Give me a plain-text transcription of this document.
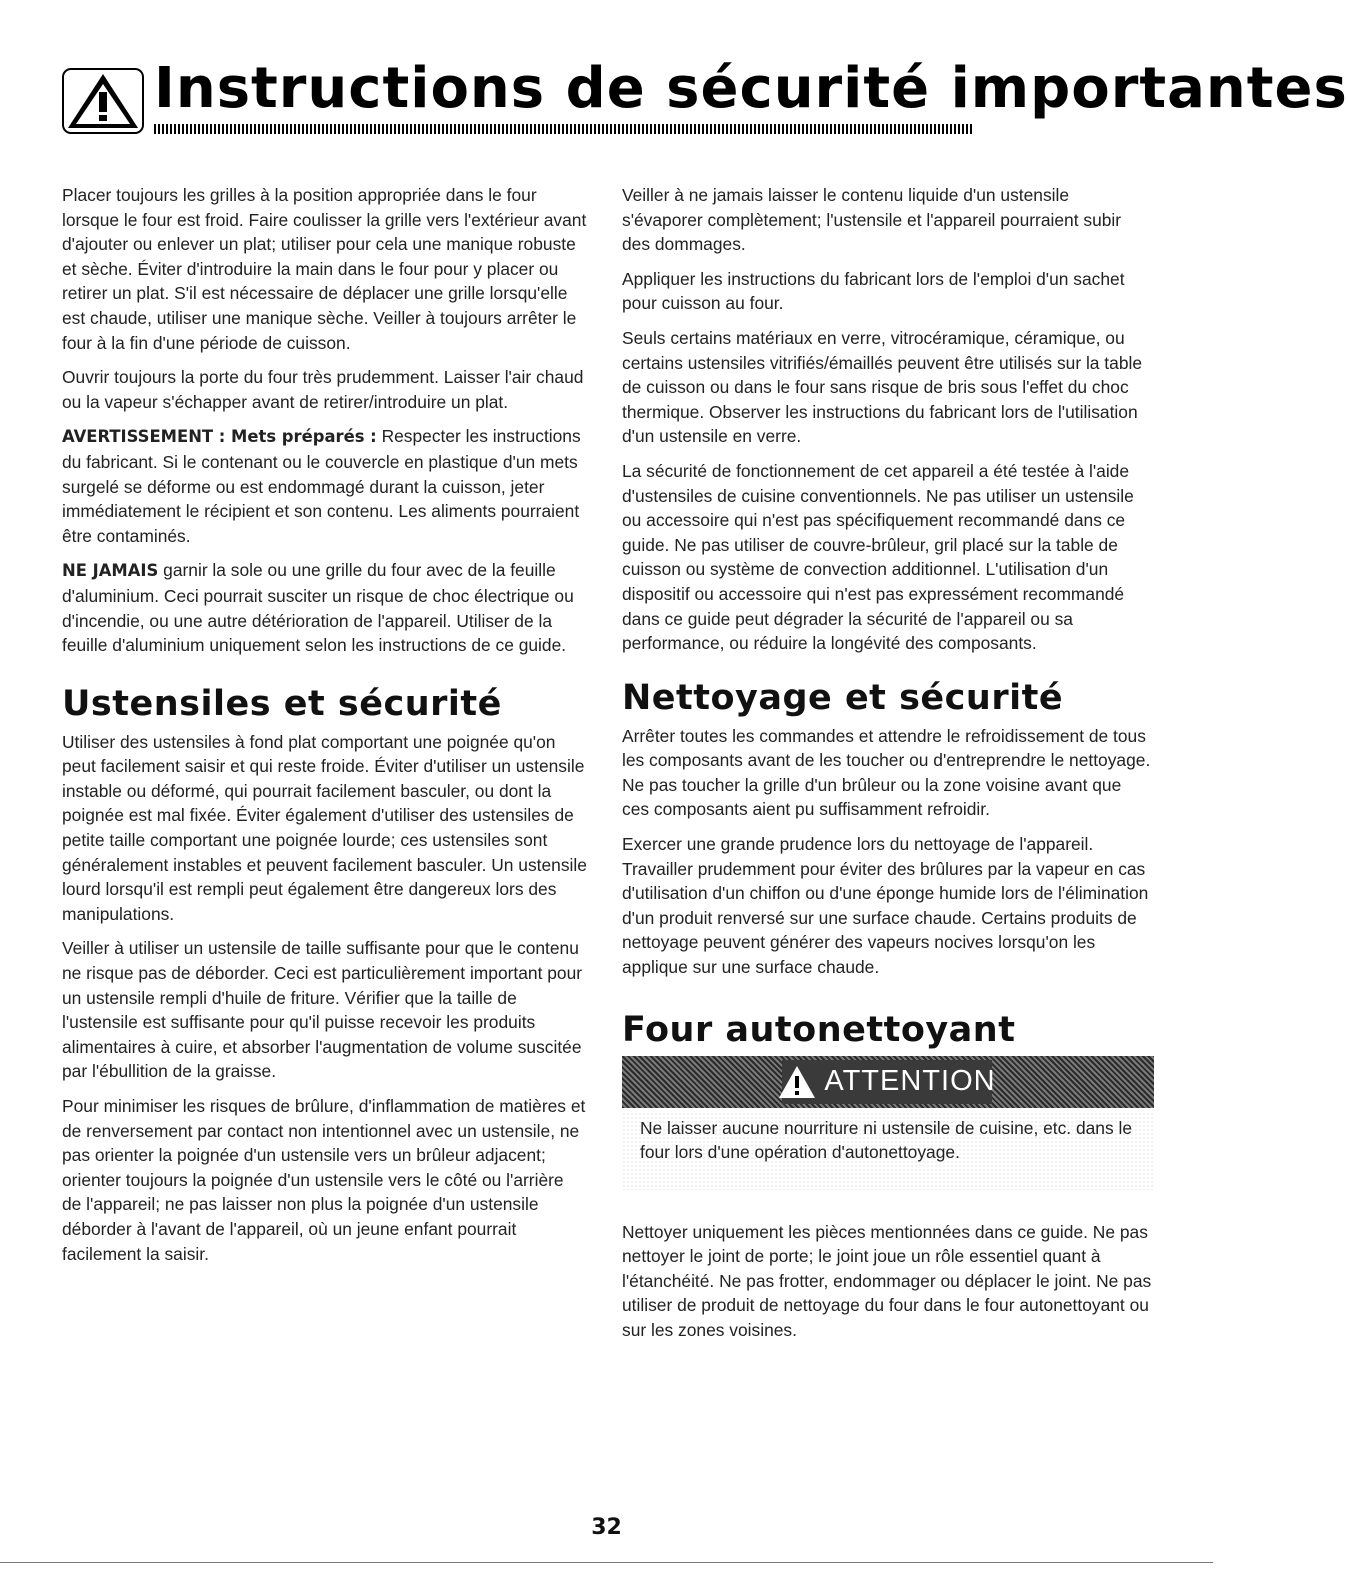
Instructions de sécurité importantes

Placer toujours les grilles à la position appropriée dans le four lorsque le four est froid. Faire coulisser la grille vers l'extérieur avant d'ajouter ou enlever un plat; utiliser pour cela une manique robuste et sèche. Éviter d'introduire la main dans le four pour y placer ou retirer un plat. S'il est nécessaire de déplacer une grille lorsqu'elle est chaude, utiliser une manique sèche. Veiller à toujours arrêter le four à la fin d'une période de cuisson.

Ouvrir toujours la porte du four très prudemment. Laisser l'air chaud ou la vapeur s'échapper avant de retirer/introduire un plat.

AVERTISSEMENT : Mets préparés : Respecter les instructions du fabricant. Si le contenant ou le couvercle en plastique d'un mets surgelé se déforme ou est endommagé durant la cuisson, jeter immédiatement le récipient et son contenu. Les aliments pourraient être contaminés.

NE JAMAIS garnir la sole ou une grille du four avec de la feuille d'aluminium. Ceci pourrait susciter un risque de choc électrique ou d'incendie, ou une autre détérioration de l'appareil. Utiliser de la feuille d'aluminium uniquement selon les instructions de ce guide.

Ustensiles et sécurité

Utiliser des ustensiles à fond plat comportant une poignée qu'on peut facilement saisir et qui reste froide. Éviter d'utiliser un ustensile instable ou déformé, qui pourrait facilement basculer, ou dont la poignée est mal fixée. Éviter également d'utiliser des ustensiles de petite taille comportant une poignée lourde; ces ustensiles sont généralement instables et peuvent facilement basculer. Un ustensile lourd lorsqu'il est rempli peut également être dangereux lors des manipulations.

Veiller à utiliser un ustensile de taille suffisante pour que le contenu ne risque pas de déborder. Ceci est particulièrement important pour un ustensile rempli d'huile de friture. Vérifier que la taille de l'ustensile est suffisante pour qu'il puisse recevoir les produits alimentaires à cuire, et absorber l'augmentation de volume suscitée par l'ébullition de la graisse.

Pour minimiser les risques de brûlure, d'inflammation de matières et de renversement par contact non intentionnel avec un ustensile, ne pas orienter la poignée d'un ustensile vers un brûleur adjacent; orienter toujours la poignée d'un ustensile vers le côté ou l'arrière de l'appareil; ne pas laisser non plus la poignée d'un ustensile déborder à l'avant de l'appareil, où un jeune enfant pourrait facilement la saisir.

Veiller à ne jamais laisser le contenu liquide d'un ustensile s'évaporer complètement; l'ustensile et l'appareil pourraient subir des dommages.

Appliquer les instructions du fabricant lors de l'emploi d'un sachet pour cuisson au four.

Seuls certains matériaux en verre, vitrocéramique, céramique, ou certains ustensiles vitrifiés/émaillés peuvent être utilisés sur la table de cuisson ou dans le four sans risque de bris sous l'effet du choc thermique. Observer les instructions du fabricant lors de l'utilisation d'un ustensile en verre.

La sécurité de fonctionnement de cet appareil a été testée à l'aide d'ustensiles de cuisine conventionnels. Ne pas utiliser un ustensile ou accessoire qui n'est pas spécifiquement recommandé dans ce guide. Ne pas utiliser de couvre-brûleur, gril placé sur la table de cuisson ou système de convection additionnel. L'utilisation d'un dispositif ou accessoire qui n'est pas expressément recommandé dans ce guide peut dégrader la sécurité de l'appareil ou sa performance, ou réduire la longévité des composants.

Nettoyage et sécurité

Arrêter toutes les commandes et attendre le refroidissement de tous les composants avant de les toucher ou d'entreprendre le nettoyage. Ne pas toucher la grille d'un brûleur ou la zone voisine avant que ces composants aient pu suffisamment refroidir.

Exercer une grande prudence lors du nettoyage de l'appareil. Travailler prudemment pour éviter des brûlures par la vapeur en cas d'utilisation d'un chiffon ou d'une éponge humide lors de l'élimination d'un produit renversé sur une surface chaude. Certains produits de nettoyage peuvent générer des vapeurs nocives lorsqu'on les applique sur une surface chaude.

Four autonettoyant
ATTENTION
Ne laisser aucune nourriture ni ustensile de cuisine, etc. dans le four lors d'une opération d'autonettoyage.

Nettoyer uniquement les pièces mentionnées dans ce guide. Ne pas nettoyer le joint de porte; le joint joue un rôle essentiel quant à l'étanchéité. Ne pas frotter, endommager ou déplacer le joint. Ne pas utiliser de produit de nettoyage du four dans le four autonettoyant ou sur les zones voisines.

32
